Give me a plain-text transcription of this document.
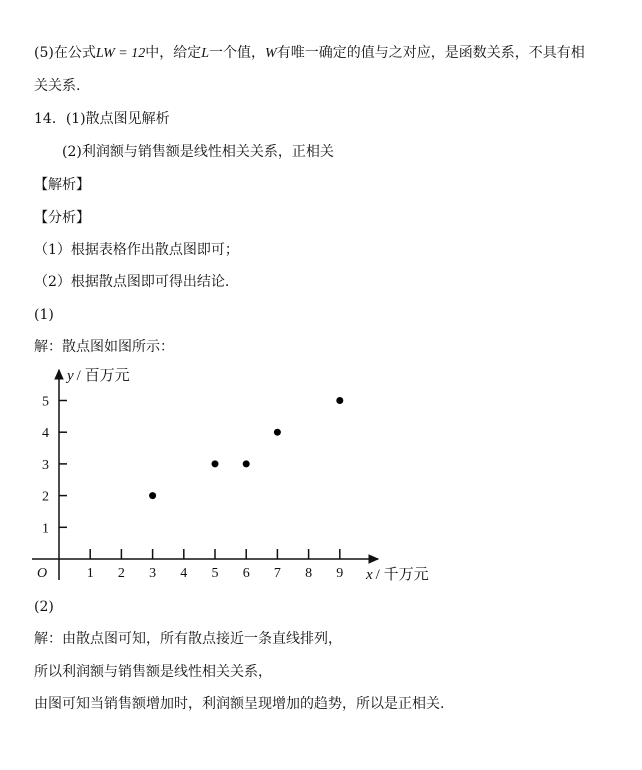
(5)在公式LW = 12中，给定L一个值，W有唯一确定的值与之对应，是函数关系，不具有相
关关系.
14．(1)散点图见解析
(2)利润额与销售额是线性相关关系，正相关
【解析】
【分析】
（1）根据表格作出散点图即可；
（2）根据散点图即可得出结论.
(1)
解：散点图如图所示：
1 2 3 4 5 6 7 8 9
1
2
3
4
5
O
y / 百万元
x / 千万元
(2)
解：由散点图可知，所有散点接近一条直线排列，
所以利润额与销售额是线性相关关系，
由图可知当销售额增加时，利润额呈现增加的趋势，所以是正相关.
